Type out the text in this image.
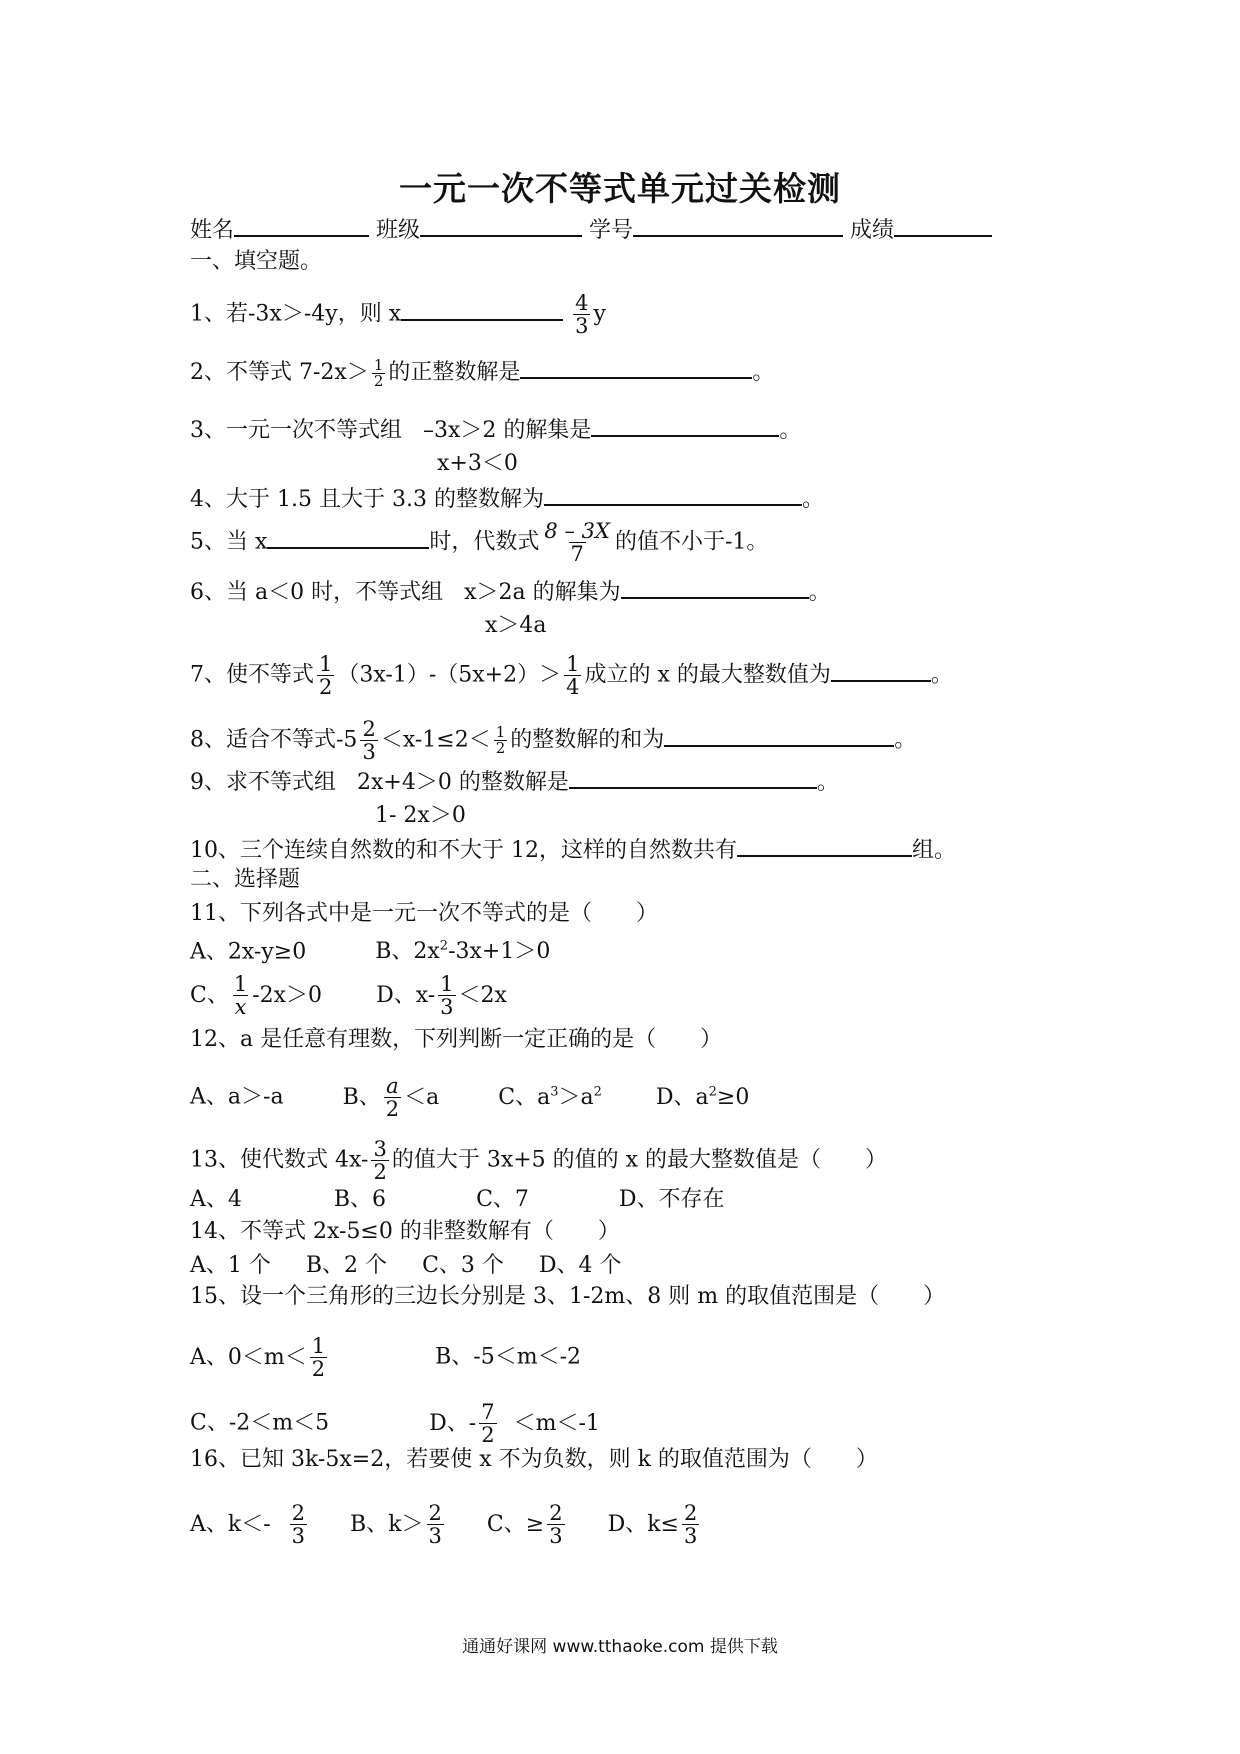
一元一次不等式单元过关检测
姓名	班级	学号	成绩
一、填空题。
1、若-3x＞-4y，则 x	$\frac{4}{3}$ y
2、不等式 $7-2x> \frac{1}{2}$ 的正整数解是	。
3、一元一次不等式组 –3x＞2 的解集是	。
x+3＜0
4、大于 1.5 且大于 3.3 的整数解为	。
5、当 x	时，代数式 $\frac{8 - 3X}{7}$ 的值不小于-1。
6、当 a＜0 时，不等式组 x＞2a 的解集为	。
x＞4a
7、使不等式 $\frac{1}{2} (3x-1)-(5x+2)> \frac{1}{4}$ 成立的 x 的最大整数值为	。
8、适合不等式$-5 \frac{2}{3} <x-1\le 2< \frac{1}{2}$ 的整数解的和为	。
9、求不等式组 2x+4＞0 的整数解是	。
1- 2x＞0
10、三个连续自然数的和不大于 12，这样的自然数共有	组。
二、选择题
11、下列各式中是一元一次不等式的是（　　）
A、2x-y≥0	B、$2x^2-3x+1>0$
C、 $\frac{1}{x} -2x>0$ D、$x- \frac{1}{3} <2x$
12、a 是任意有理数，下列判断一定正确的是（　　）
A、a＞-a	B、 $\frac{a}{2} <a$	C、$a^3>a^2$ D、$a^2\ge 0$
13、使代数式 $4x- \frac{3}{2}$ 的值大于 3x+5 的值的 x 的最大整数值是（　　）
A、4	B、6	C、7	D、不存在
14、不等式 2x-5≤0 的非整数解有（　　）
A、1 个 B、2 个 C、3 个 D、4 个
15、设一个三角形的三边长分别是 3、1-2m、8 则 m 的取值范围是（　　）
A、$0<m< \frac{1}{2}$	B、-5＜m＜-2
C、-2＜m＜5	D、- $\frac{7}{2} <m<-1$
16、已知 3k-5x=2，若要使 x 不为负数，则 k 的取值范围为（　　）
A、$k<- \frac{2}{3}$ B、$k> \frac{2}{3}$ C、≥ $\frac{2}{3}$ D、$k\le \frac{2}{3}$
通通好课网 www.tthaoke.com 提供下载
